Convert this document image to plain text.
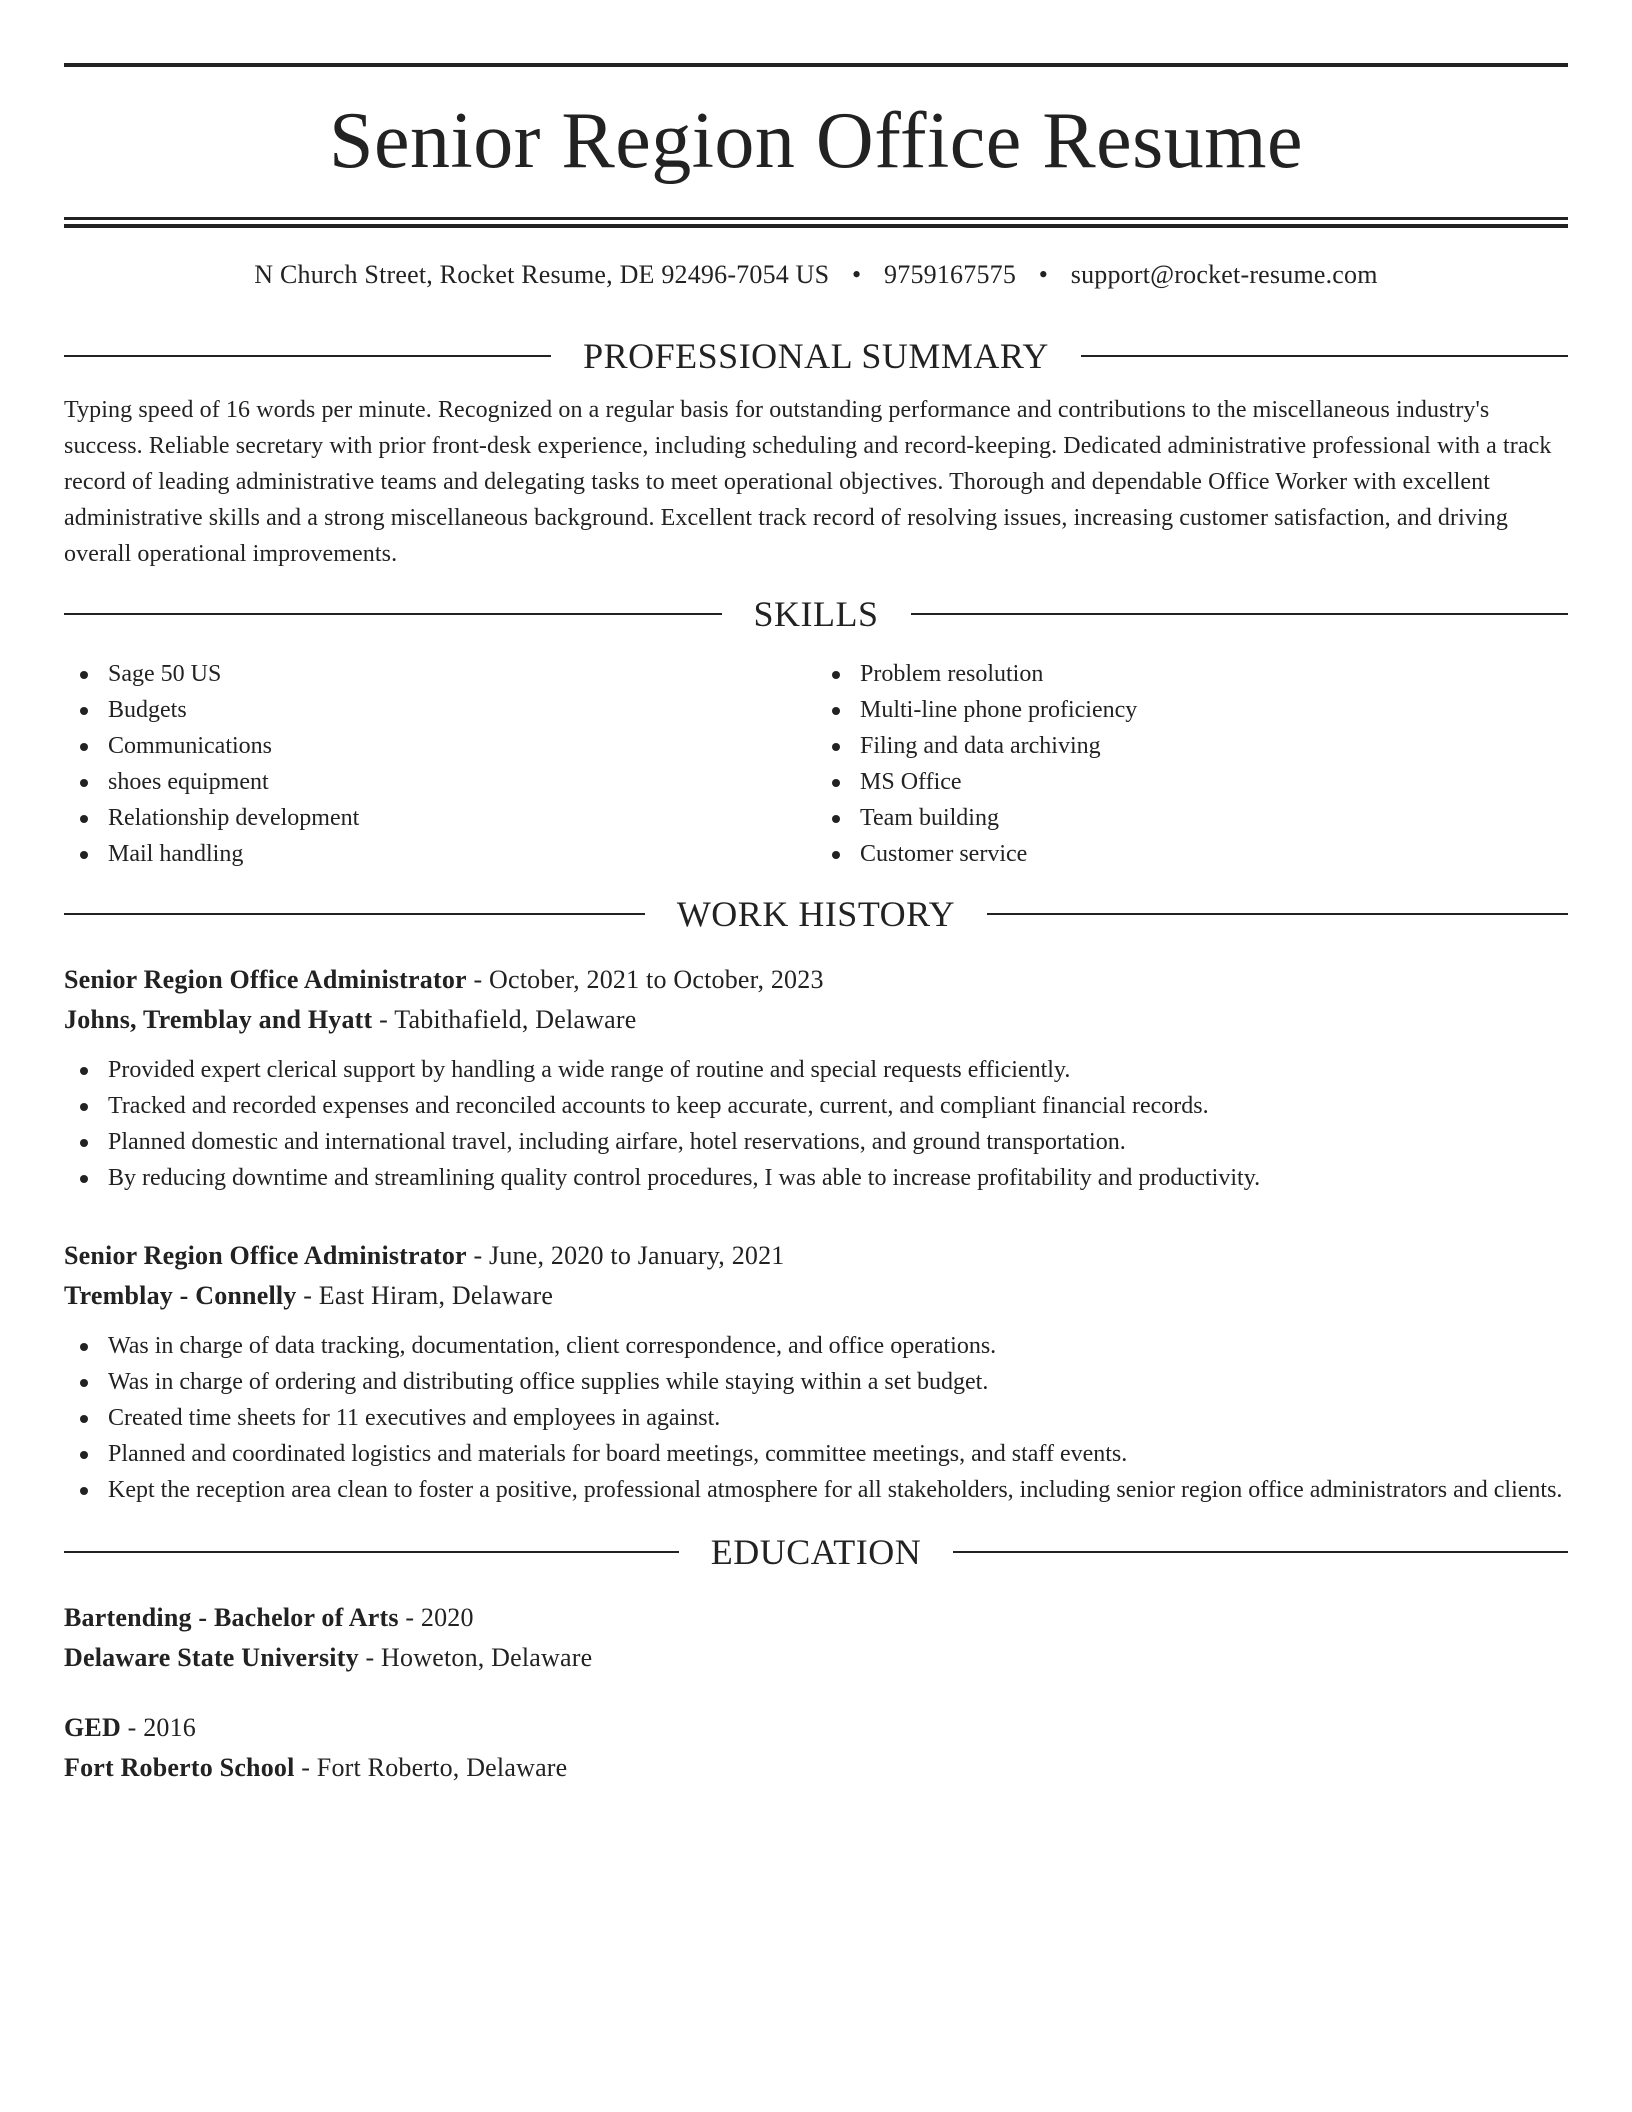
Senior Region Office Resume
N Church Street, Rocket Resume, DE 92496-7054 US • 9759167575 • support@rocket-resume.com
PROFESSIONAL SUMMARY

Typing speed of 16 words per minute. Recognized on a regular basis for outstanding performance and contributions to the miscellaneous industry's success. Reliable secretary with prior front-desk experience, including scheduling and record-keeping. Dedicated administrative professional with a track record of leading administrative teams and delegating tasks to meet operational objectives. Thorough and dependable Office Worker with excellent administrative skills and a strong miscellaneous background. Excellent track record of resolving issues, increasing customer satisfaction, and driving overall operational improvements.

SKILLS
Sage 50 US
Budgets
Communications
shoes equipment
Relationship development
Mail handling
Problem resolution
Multi-line phone proficiency
Filing and data archiving
MS Office
Team building
Customer service
WORK HISTORY
Senior Region Office Administrator - October, 2021 to October, 2023
Johns, Tremblay and Hyatt - Tabithafield, Delaware
Provided expert clerical support by handling a wide range of routine and special requests efficiently.
Tracked and recorded expenses and reconciled accounts to keep accurate, current, and compliant financial records.
Planned domestic and international travel, including airfare, hotel reservations, and ground transportation.
By reducing downtime and streamlining quality control procedures, I was able to increase profitability and productivity.
Senior Region Office Administrator - June, 2020 to January, 2021
Tremblay - Connelly - East Hiram, Delaware
Was in charge of data tracking, documentation, client correspondence, and office operations.
Was in charge of ordering and distributing office supplies while staying within a set budget.
Created time sheets for 11 executives and employees in against.
Planned and coordinated logistics and materials for board meetings, committee meetings, and staff events.
Kept the reception area clean to foster a positive, professional atmosphere for all stakeholders, including senior region office administrators and clients.
EDUCATION
Bartending - Bachelor of Arts - 2020
Delaware State University - Howeton, Delaware
GED - 2016
Fort Roberto School - Fort Roberto, Delaware
